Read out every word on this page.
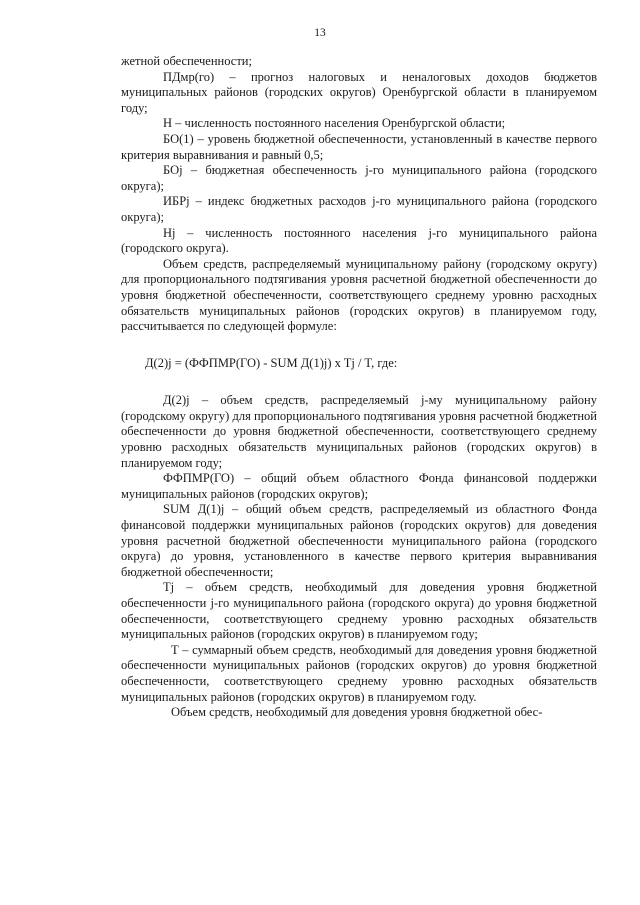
13

жетной обеспеченности;

ПДмр(го) – прогноз налоговых и неналоговых доходов бюджетов муниципальных районов (городских округов) Оренбургской области в планируемом году;

Н – численность постоянного населения Оренбургской области;

БО(1) – уровень бюджетной обеспеченности, установленный в качестве первого критерия выравнивания и равный 0,5;

БОj – бюджетная обеспеченность j-го муниципального района (городского округа);

ИБРj – индекс бюджетных расходов j-го муниципального района (городского округа);

Нj – численность постоянного населения j-го муниципального района (городского округа).

Объем средств, распределяемый муниципальному району (городскому округу) для пропорционального подтягивания уровня расчетной бюджетной обеспеченности до уровня бюджетной обеспеченности, соответствующего среднему уровню расходных обязательств муниципальных районов (городских округов) в планируемом году, рассчитывается по следующей формуле:

Д(2)j = (ФФПМР(ГО) - SUM Д(1)j) x Tj / T, где:

Д(2)j – объем средств, распределяемый j-му муниципальному району (городскому округу) для пропорционального подтягивания уровня расчетной бюджетной обеспеченности до уровня бюджетной обеспеченности, соответствующего среднему уровню расходных обязательств муниципальных районов (городских округов) в планируемом году;

ФФПМР(ГО) – общий объем областного Фонда финансовой поддержки муниципальных районов (городских округов);

SUM Д(1)j – общий объем средств, распределяемый из областного Фонда финансовой поддержки муниципальных районов (городских округов) для доведения уровня расчетной бюджетной обеспеченности муниципального района (городского округа) до уровня, установленного в качестве первого критерия выравнивания бюджетной обеспеченности;

Tj – объем средств, необходимый для доведения уровня бюджетной обеспеченности j-го муниципального района (городского округа) до уровня бюджетной обеспеченности, соответствующего среднему уровню расходных обязательств муниципальных районов (городских округов) в планируемом году;

Т – суммарный объем средств, необходимый для доведения уровня бюджетной обеспеченности муниципальных районов (городских округов) до уровня бюджетной обеспеченности, соответствующего среднему уровню расходных обязательств муниципальных районов (городских округов) в планируемом году.

Объем средств, необходимый для доведения уровня бюджетной обес-
